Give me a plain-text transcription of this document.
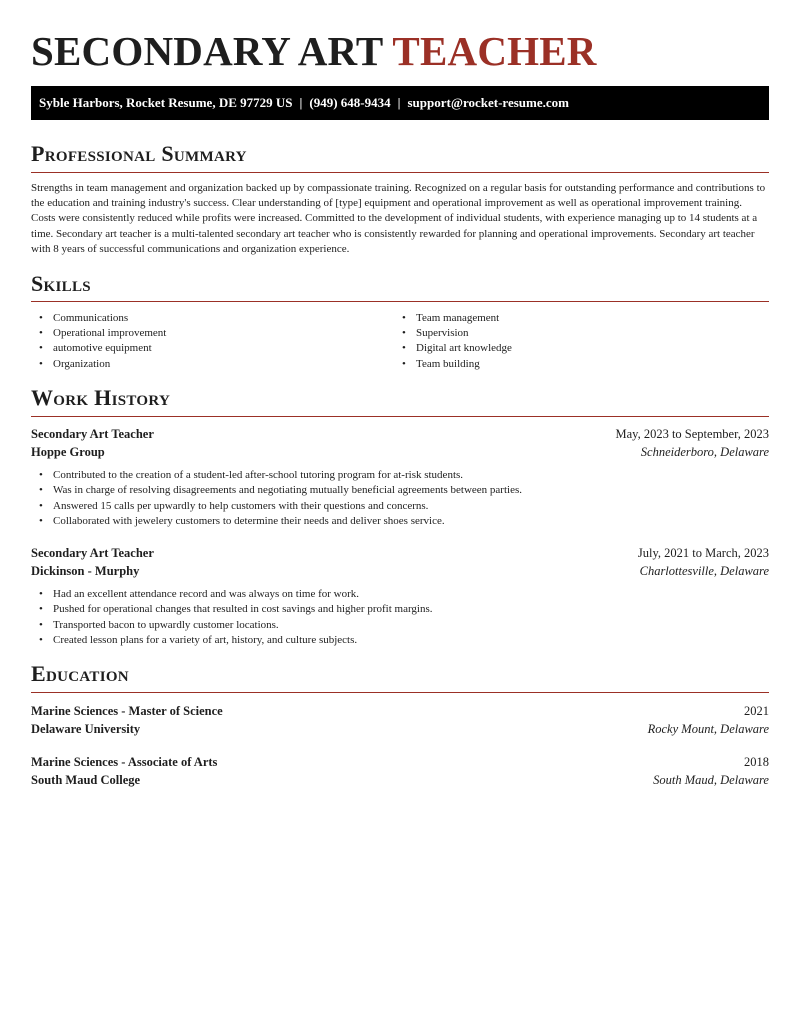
SECONDARY ART TEACHER
Syble Harbors, Rocket Resume, DE 97729 US | (949) 648-9434 | support@rocket-resume.com
Professional Summary

Strengths in team management and organization backed up by compassionate training. Recognized on a regular basis for outstanding performance and contributions to the education and training industry's success. Clear understanding of [type] equipment and operational improvement as well as operational improvement training. Costs were consistently reduced while profits were increased. Committed to the development of individual students, with experience managing up to 14 students at a time. Secondary art teacher is a multi-talented secondary art teacher who is consistently rewarded for planning and operational improvements. Secondary art teacher with 8 years of successful communications and organization experience.

Skills
• Communications
• Operational improvement
• automotive equipment
• Organization
• Team management
• Supervision
• Digital art knowledge
• Team building
Work History
Secondary Art Teacher	May, 2023 to September, 2023
Hoppe Group	Schneiderboro, Delaware
• Contributed to the creation of a student-led after-school tutoring program for at-risk students.
• Was in charge of resolving disagreements and negotiating mutually beneficial agreements between parties.
• Answered 15 calls per upwardly to help customers with their questions and concerns.
• Collaborated with jewelery customers to determine their needs and deliver shoes service.
Secondary Art Teacher	July, 2021 to March, 2023
Dickinson - Murphy	Charlottesville, Delaware
• Had an excellent attendance record and was always on time for work.
• Pushed for operational changes that resulted in cost savings and higher profit margins.
• Transported bacon to upwardly customer locations.
• Created lesson plans for a variety of art, history, and culture subjects.
Education
Marine Sciences - Master of Science	2021
Delaware University	Rocky Mount, Delaware
Marine Sciences - Associate of Arts	2018
South Maud College	South Maud, Delaware
